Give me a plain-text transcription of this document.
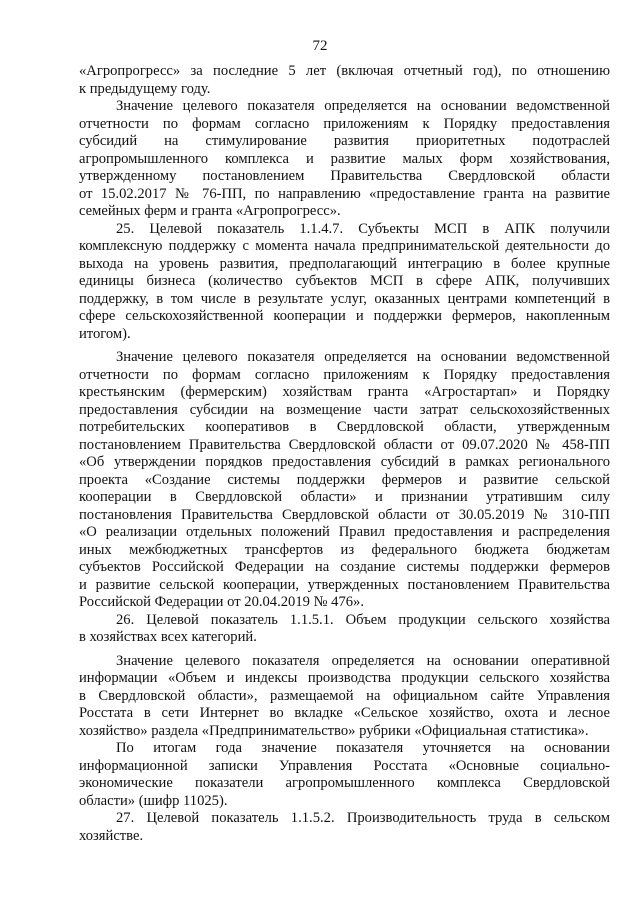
72
«Агропрогресс» за последние 5 лет (включая отчетный год), по отношению
к предыдущему году.
Значение целевого показателя определяется на основании ведомственной
отчетности по формам согласно приложениям к Порядку предоставления
субсидий на стимулирование развития приоритетных подотраслей
агропромышленного комплекса и развитие малых форм хозяйствования,
утвержденному постановлением Правительства Свердловской области
от 15.02.2017 № 76-ПП, по направлению «предоставление гранта на развитие
семейных ферм и гранта «Агропрогресс».
25. Целевой показатель 1.1.4.7. Субъекты МСП в АПК получили
комплексную поддержку с момента начала предпринимательской деятельности до
выхода на уровень развития, предполагающий интеграцию в более крупные
единицы бизнеса (количество субъектов МСП в сфере АПК, получивших
поддержку, в том числе в результате услуг, оказанных центрами компетенций в
сфере сельскохозяйственной кооперации и поддержки фермеров, накопленным
итогом).
Значение целевого показателя определяется на основании ведомственной
отчетности по формам согласно приложениям к Порядку предоставления
крестьянским (фермерским) хозяйствам гранта «Агростартап» и Порядку
предоставления субсидии на возмещение части затрат сельскохозяйственных
потребительских кооперативов в Свердловской области, утвержденным
постановлением Правительства Свердловской области от 09.07.2020 № 458-ПП
«Об утверждении порядков предоставления субсидий в рамках регионального
проекта «Создание системы поддержки фермеров и развитие сельской
кооперации в Свердловской области» и признании утратившим силу
постановления Правительства Свердловской области от 30.05.2019 № 310-ПП
«О реализации отдельных положений Правил предоставления и распределения
иных межбюджетных трансфертов из федерального бюджета бюджетам
субъектов Российской Федерации на создание системы поддержки фермеров
и развитие сельской кооперации, утвержденных постановлением Правительства
Российской Федерации от 20.04.2019 № 476».
26. Целевой показатель 1.1.5.1. Объем продукции сельского хозяйства
в хозяйствах всех категорий.
Значение целевого показателя определяется на основании оперативной
информации «Объем и индексы производства продукции сельского хозяйства
в Свердловской области», размещаемой на официальном сайте Управления
Росстата в сети Интернет во вкладке «Сельское хозяйство, охота и лесное
хозяйство» раздела «Предпринимательство» рубрики «Официальная статистика».
По итогам года значение показателя уточняется на основании
информационной записки Управления Росстата «Основные социально-
экономические показатели агропромышленного комплекса Свердловской
области» (шифр 11025).
27. Целевой показатель 1.1.5.2. Производительность труда в сельском
хозяйстве.
